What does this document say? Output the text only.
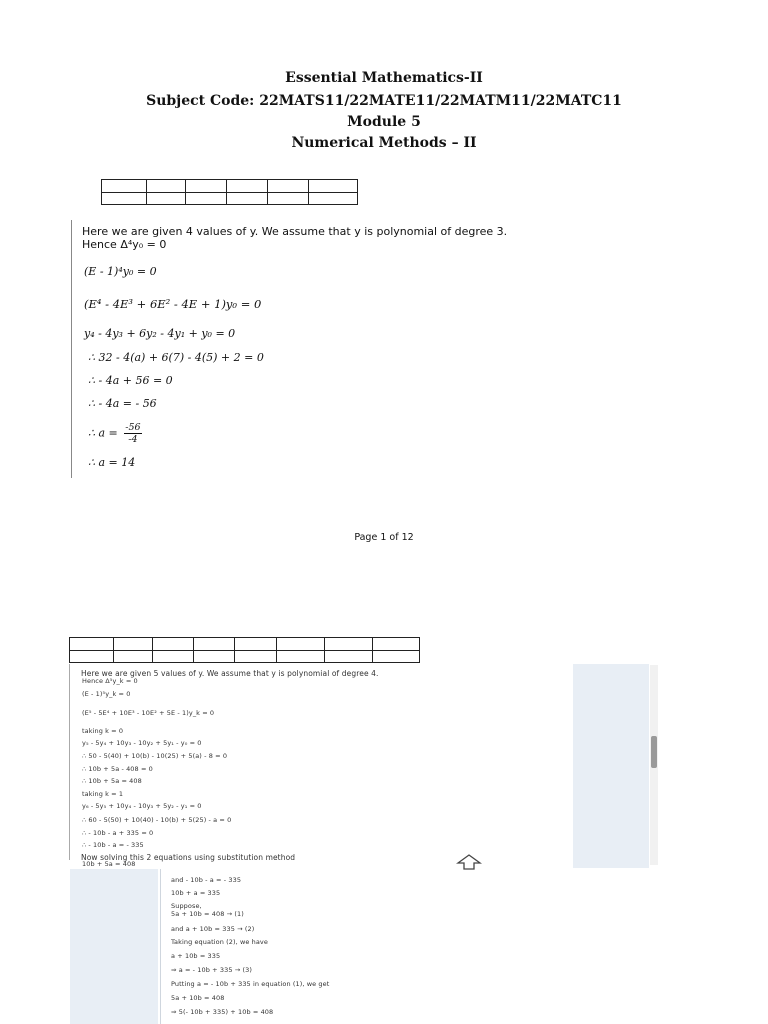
Essential Mathematics-II
Subject Code: 22MATS11/22MATE11/22MATM11/22MATC11
Module 5
Numerical Methods – II

Here we are given 4 values of y. We assume that y is polynomial of degree 3.
Hence Δ⁴y₀ = 0
(E - 1)⁴y₀ = 0
(E⁴ - 4E³ + 6E² - 4E + 1)y₀ = 0
y₄ - 4y₃ + 6y₂ - 4y₁ + y₀ = 0
∴ 32 - 4(a) + 6(7) - 4(5) + 2 = 0
∴ - 4a + 56 = 0
∴ - 4a = - 56
∴ $a = \frac{-56}{-4}$
∴ a = 14
Page 1 of 12

Here we are given 5 values of y. We assume that y is polynomial of degree 4.
Hence Δ⁵y_k = 0
(E - 1)⁵y_k = 0
(E⁵ - 5E⁴ + 10E³ - 10E² + 5E - 1)y_k = 0
taking k = 0
y₅ - 5y₄ + 10y₃ - 10y₂ + 5y₁ - y₀ = 0
∴ 50 - 5(40) + 10(b) - 10(25) + 5(a) - 8 = 0
∴ 10b + 5a - 408 = 0
∴ 10b + 5a = 408
taking k = 1
y₆ - 5y₅ + 10y₄ - 10y₃ + 5y₂ - y₁ = 0
∴ 60 - 5(50) + 10(40) - 10(b) + 5(25) - a = 0
∴ - 10b - a + 335 = 0
∴ - 10b - a = - 335
Now solving this 2 equations using substitution method
10b + 5a = 408
and - 10b - a = - 335
10b + a = 335
Suppose,
5a + 10b = 408 → (1)
and a + 10b = 335 → (2)
Taking equation (2), we have
a + 10b = 335
⇒ a = - 10b + 335 → (3)
Putting a = - 10b + 335 in equation (1), we get
5a + 10b = 408
⇒ 5(- 10b + 335) + 10b = 408
